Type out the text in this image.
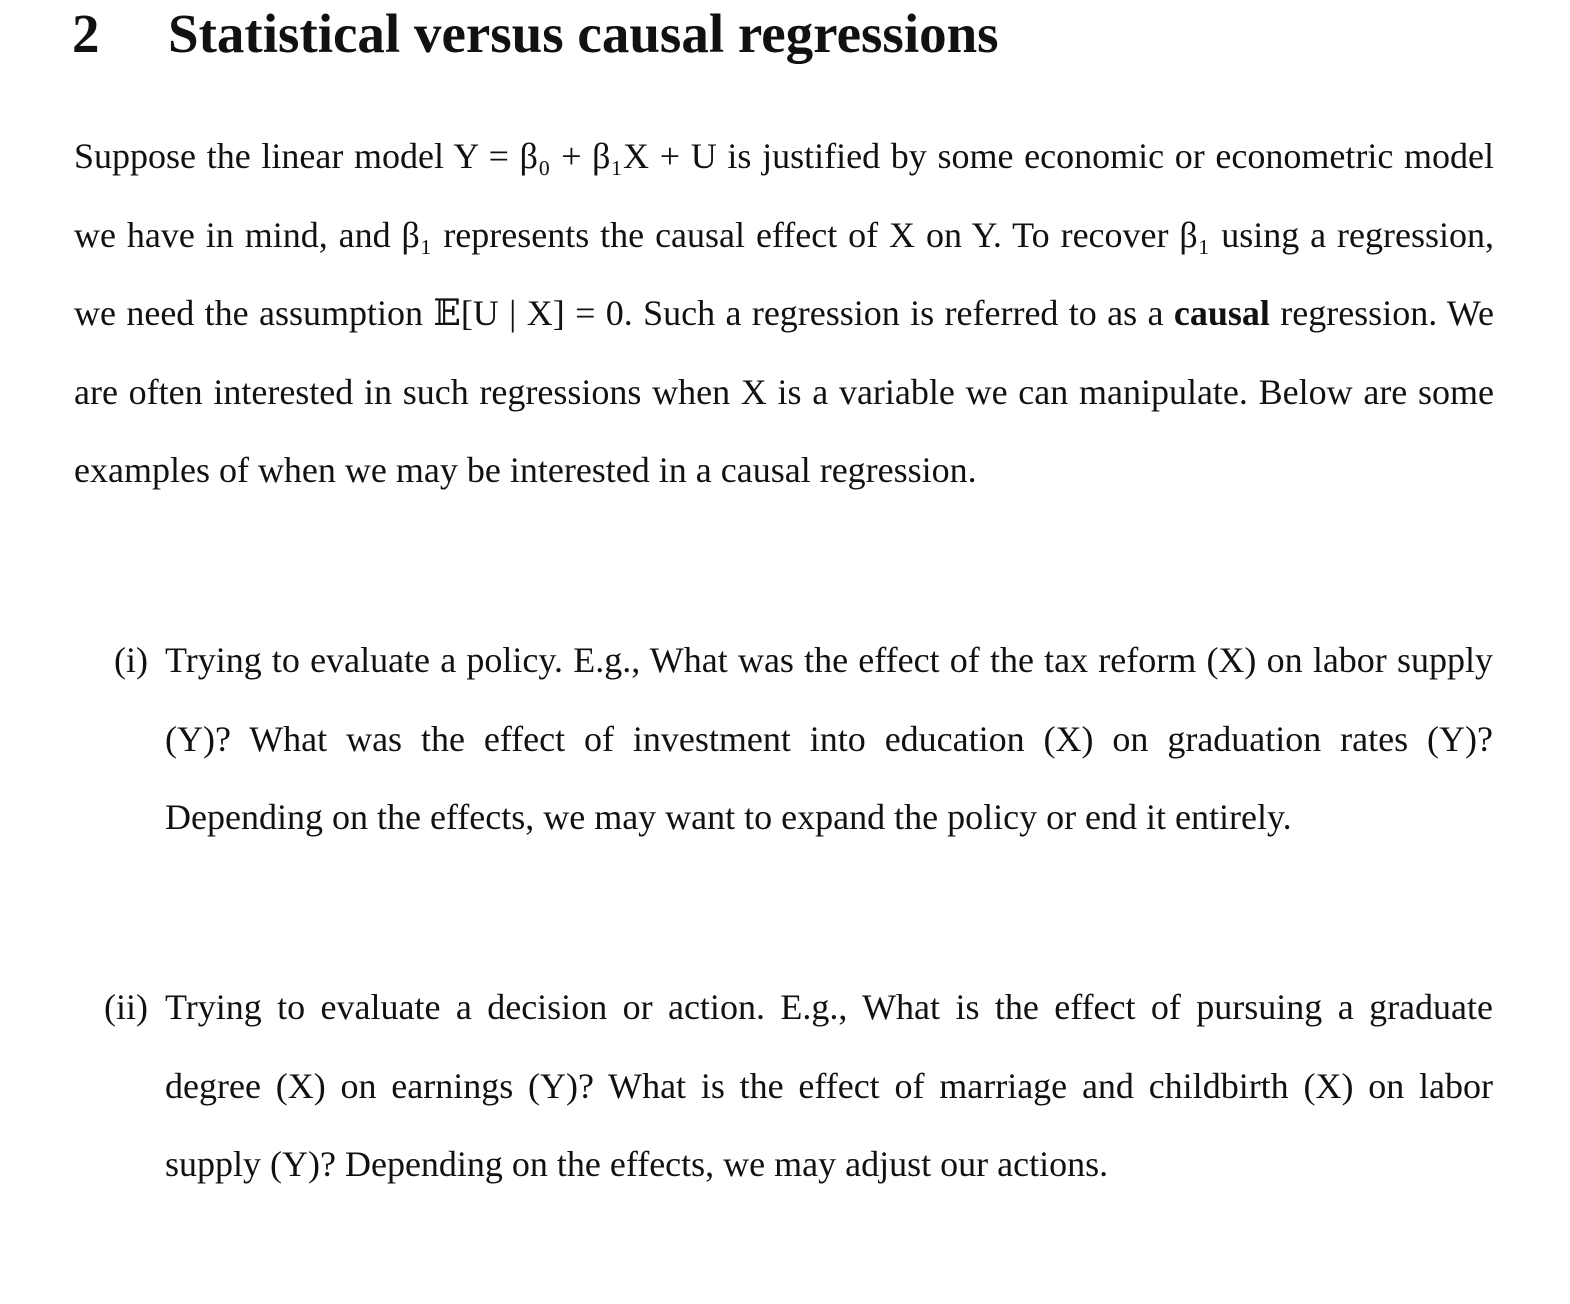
2 Statistical versus causal regressions

Suppose the linear model Y = β₀ + β₁X + U is justified by some economic or econometric model we have in mind, and β₁ represents the causal effect of X on Y. To recover β₁ using a regression, we need the assumption 𝔼[U | X] = 0. Such a regression is referred to as a causal regression. We are often interested in such regressions when X is a variable we can manipulate. Below are some examples of when we may be interested in a causal regression.

(i) Trying to evaluate a policy. E.g., What was the effect of the tax reform (X) on labor supply (Y)? What was the effect of investment into education (X) on graduation rates (Y)? Depending on the effects, we may want to expand the policy or end it entirely.
(ii) Trying to evaluate a decision or action. E.g., What is the effect of pursuing a graduate degree (X) on earnings (Y)? What is the effect of marriage and childbirth (X) on labor supply (Y)? Depending on the effects, we may adjust our actions.
